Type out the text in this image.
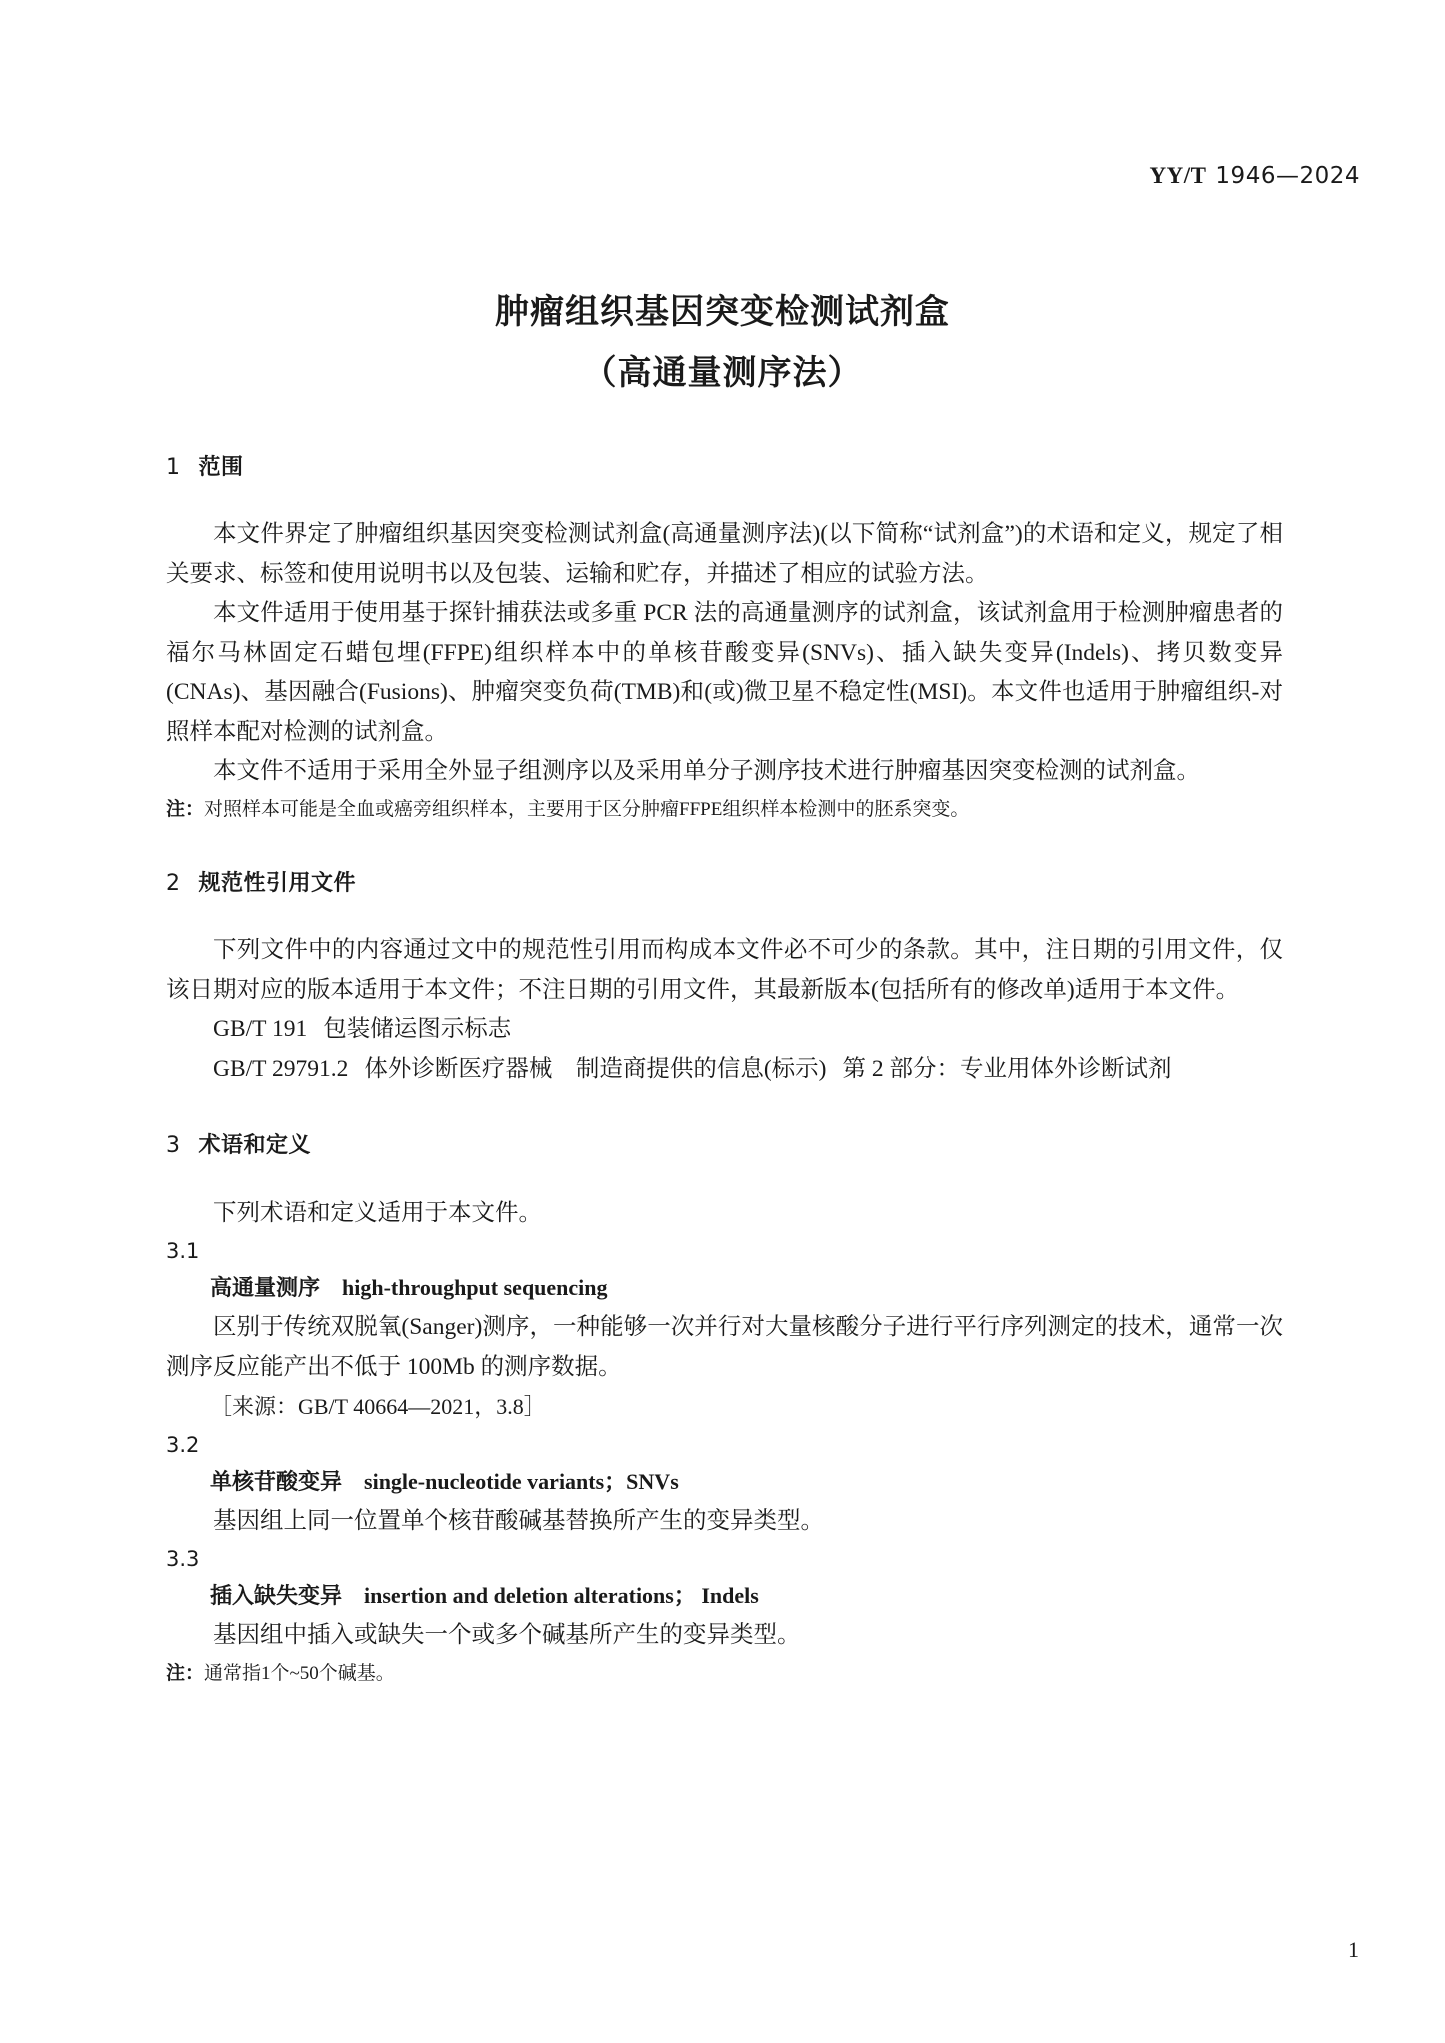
YY/T 1946—2024
肿瘤组织基因突变检测试剂盒
（高通量测序法）
1 范围

本文件界定了肿瘤组织基因突变检测试剂盒(高通量测序法)(以下简称“试剂盒”)的术语和定义，规定了相关要求、标签和使用说明书以及包装、运输和贮存，并描述了相应的试验方法。

本文件适用于使用基于探针捕获法或多重 PCR 法的高通量测序的试剂盒，该试剂盒用于检测肿瘤患者的福尔马林固定石蜡包埋(FFPE)组织样本中的单核苷酸变异(SNVs)、插入缺失变异(Indels)、拷贝数变异(CNAs)、基因融合(Fusions)、肿瘤突变负荷(TMB)和(或)微卫星不稳定性(MSI)。本文件也适用于肿瘤组织-对照样本配对检测的试剂盒。

本文件不适用于采用全外显子组测序以及采用单分子测序技术进行肿瘤基因突变检测的试剂盒。

注：对照样本可能是全血或癌旁组织样本，主要用于区分肿瘤FFPE组织样本检测中的胚系突变。

2 规范性引用文件

下列文件中的内容通过文中的规范性引用而构成本文件必不可少的条款。其中，注日期的引用文件，仅该日期对应的版本适用于本文件；不注日期的引用文件，其最新版本(包括所有的修改单)适用于本文件。

GB/T 191 包装储运图示标志

GB/T 29791.2 体外诊断医疗器械　制造商提供的信息(标示) 第 2 部分：专业用体外诊断试剂

3 术语和定义

下列术语和定义适用于本文件。

3.1

高通量测序 high-throughput sequencing

区别于传统双脱氧(Sanger)测序，一种能够一次并行对大量核酸分子进行平行序列测定的技术，通常一次测序反应能产出不低于 100Mb 的测序数据。

［来源：GB/T 40664—2021，3.8］

3.2

单核苷酸变异 single-nucleotide variants；SNVs

基因组上同一位置单个核苷酸碱基替换所产生的变异类型。

3.3

插入缺失变异 insertion and deletion alterations； Indels

基因组中插入或缺失一个或多个碱基所产生的变异类型。

注：通常指1个~50个碱基。

1
